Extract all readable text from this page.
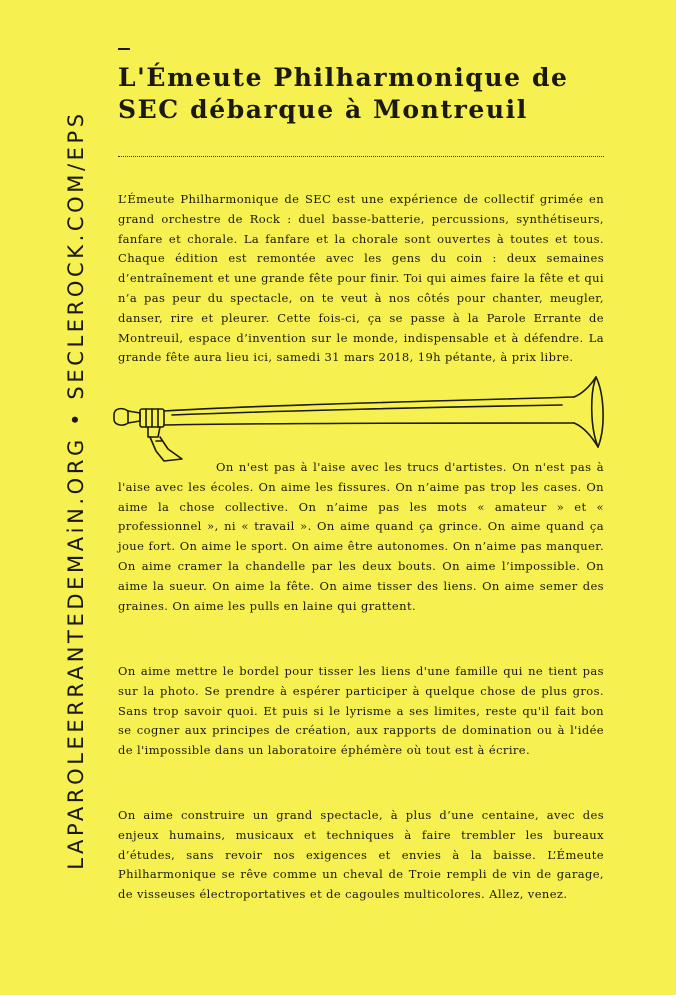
LAPAROLEERRANTEDEMAiN.ORG • SECLEROCK.COM/EPS
L'Émeute Philharmonique de SEC débarque à Montreuil

L’Émeute Philharmonique de SEC est une expérience de collectif grimée en grand orchestre de Rock : duel basse-batterie, percussions, synthétiseurs, fanfare et chorale. La fanfare et la chorale sont ouvertes à toutes et tous. Chaque édition est remontée avec les gens du coin : deux semaines d’entraînement et une grande fête pour finir. Toi qui aimes faire la fête et qui n’a pas peur du spectacle, on te veut à nos côtés pour chanter, meugler, danser, rire et pleurer. Cette fois-ci, ça se passe à la Parole Errante de Montreuil, espace d’invention sur le monde, indispensable et à défendre. La grande fête aura lieu ici, samedi 31 mars 2018, 19h pétante, à prix libre.

On n'est pas à l'aise avec les trucs d'artistes. On n'est pas à l'aise avec les écoles. On aime les fissures. On n’aime pas trop les cases. On aime la chose collective. On n’aime pas les mots « amateur » et « professionnel », ni « travail ». On aime quand ça grince. On aime quand ça joue fort. On aime le sport. On aime être autonomes. On n’aime pas manquer. On aime cramer la chandelle par les deux bouts. On aime l’impossible. On aime la sueur. On aime la fête. On aime tisser des liens. On aime semer des graines. On aime les pulls en laine qui grattent.

On aime mettre le bordel pour tisser les liens d'une famille qui ne tient pas sur la photo. Se prendre à espérer participer à quelque chose de plus gros. Sans trop savoir quoi. Et puis si le lyrisme a ses limites, reste qu'il fait bon se cogner aux principes de création, aux rapports de domination ou à l'idée de l'impossible dans un laboratoire éphémère où tout est à écrire.

On aime construire un grand spectacle, à plus d’une centaine, avec des enjeux humains, musicaux et techniques à faire trembler les bureaux d’études, sans revoir nos exigences et envies à la baisse. L’Émeute Philharmonique se rêve comme un cheval de Troie rempli de vin de garage, de visseuses électroportatives et de cagoules multicolores. Allez, venez.
